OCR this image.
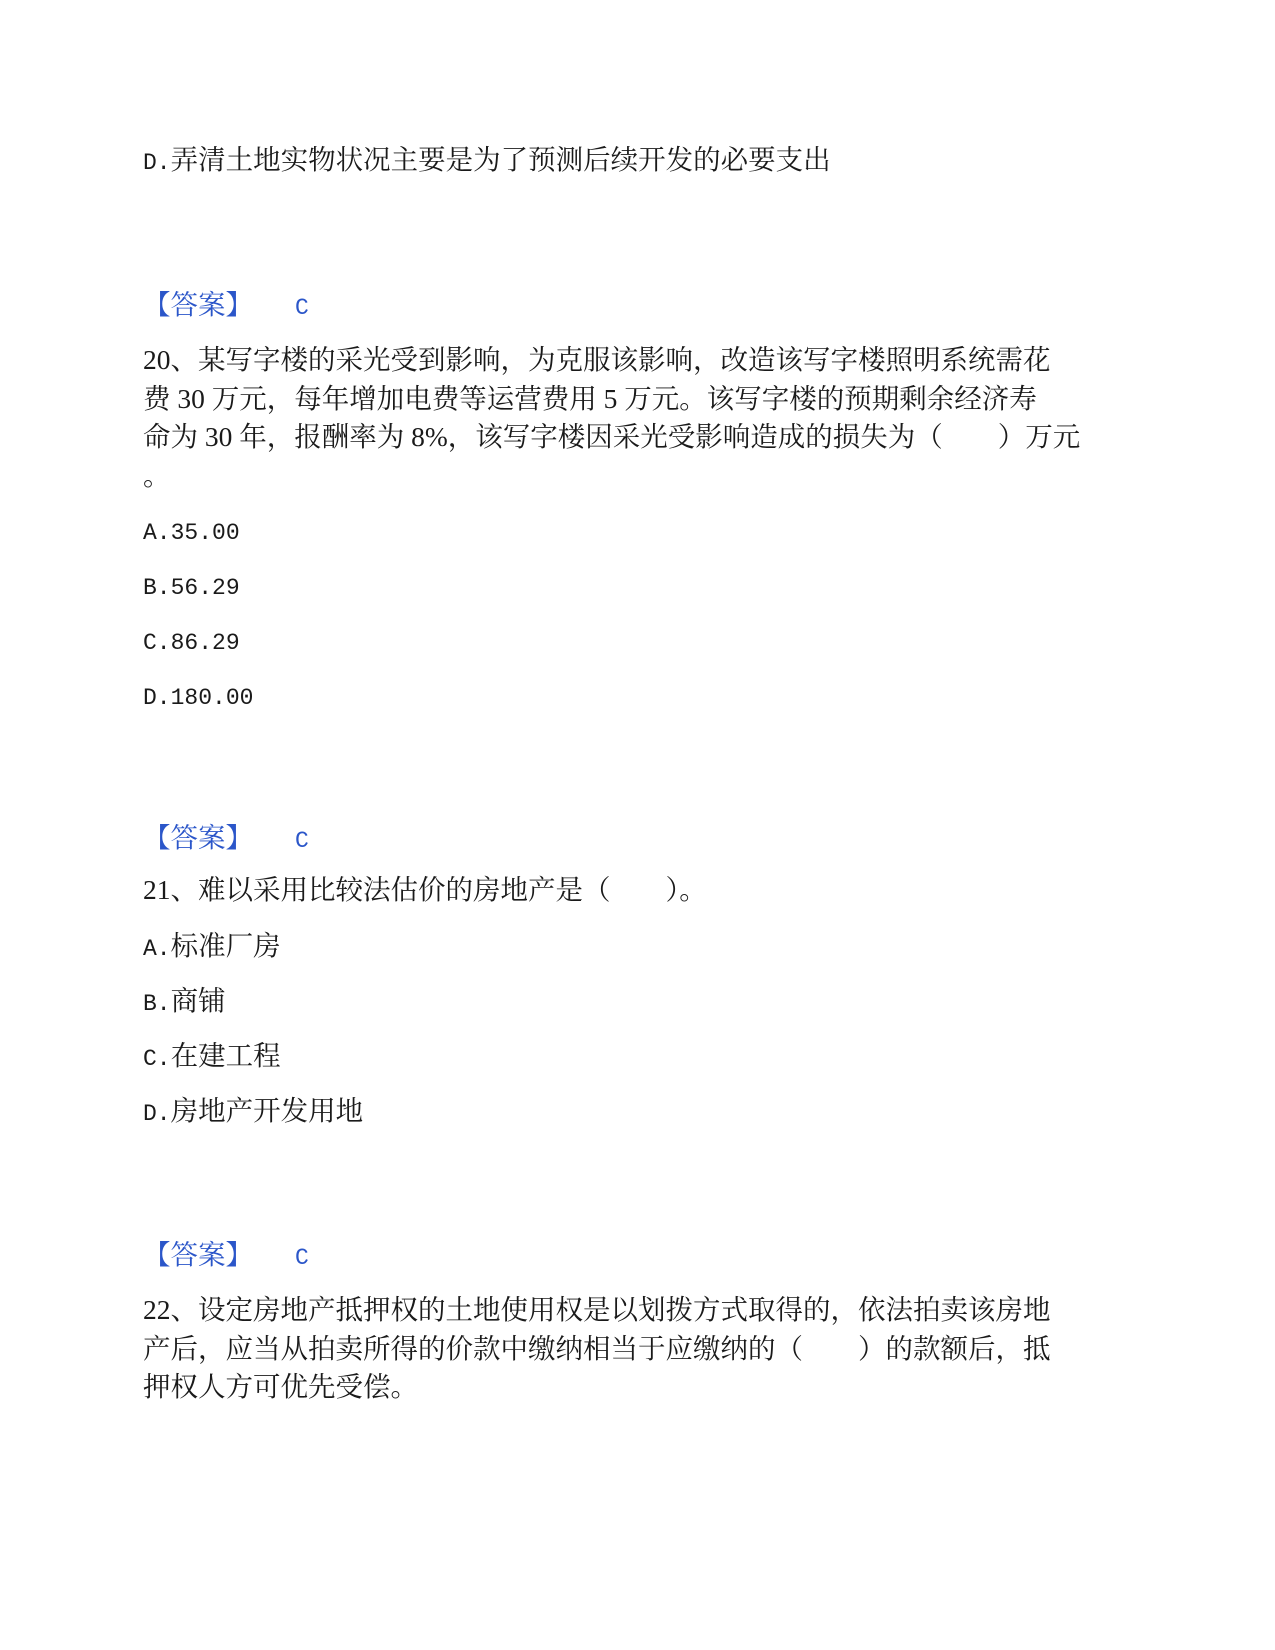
D.弄清土地实物状况主要是为了预测后续开发的必要支出
【答案】 C
20、某写字楼的采光受到影响，为克服该影响，改造该写字楼照明系统需花
费 30 万元，每年增加电费等运营费用 5 万元。该写字楼的预期剩余经济寿
命为 30 年，报酬率为 8%，该写字楼因采光受影响造成的损失为（　　）万元
。
A.35.00
B.56.29
C.86.29
D.180.00
【答案】 C
21、难以采用比较法估价的房地产是（　　）。
A.标准厂房
B.商铺
C.在建工程
D.房地产开发用地
【答案】 C
22、设定房地产抵押权的土地使用权是以划拨方式取得的，依法拍卖该房地
产后，应当从拍卖所得的价款中缴纳相当于应缴纳的（　　）的款额后，抵
押权人方可优先受偿。
